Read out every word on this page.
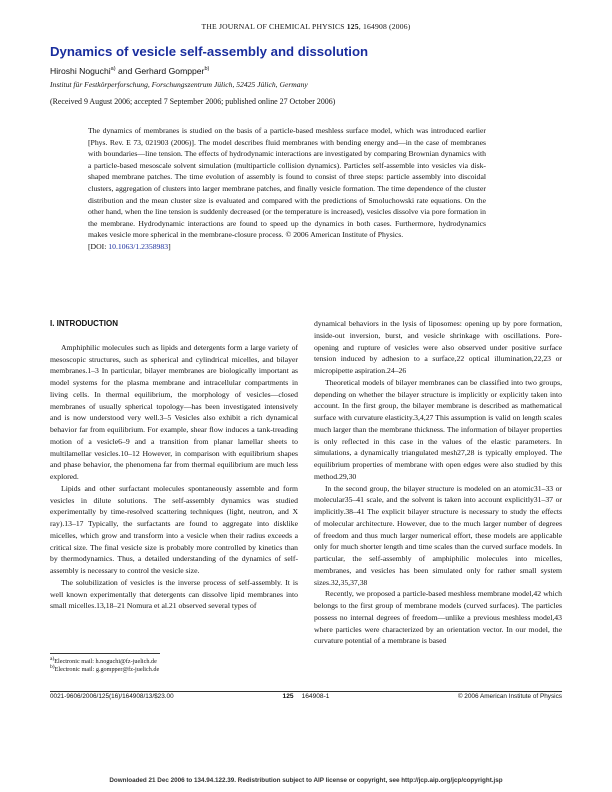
THE JOURNAL OF CHEMICAL PHYSICS 125, 164908 (2006)
Dynamics of vesicle self-assembly and dissolution
Hiroshi Noguchi$^{a)}$ and Gerhard Gompper$^{b)}$
Institut für Festkörperforschung, Forschungszentrum Jülich, 52425 Jülich, Germany
(Received 9 August 2006; accepted 7 September 2006; published online 27 October 2006)
The dynamics of membranes is studied on the basis of a particle-based meshless surface model, which was introduced earlier [Phys. Rev. E 73, 021903 (2006)]. The model describes fluid membranes with bending energy and—in the case of membranes with boundaries—line tension. The effects of hydrodynamic interactions are investigated by comparing Brownian dynamics with a particle-based mesoscale solvent simulation (multiparticle collision dynamics). Particles self-assemble into vesicles via disk-shaped membrane patches. The time evolution of assembly is found to consist of three steps: particle assembly into discoidal clusters, aggregation of clusters into larger membrane patches, and finally vesicle formation. The time dependence of the cluster distribution and the mean cluster size is evaluated and compared with the predictions of Smoluchowski rate equations. On the other hand, when the line tension is suddenly decreased (or the temperature is increased), vesicles dissolve via pore formation in the membrane. Hydrodynamic interactions are found to speed up the dynamics in both cases. Furthermore, hydrodynamics makes vesicle more spherical in the membrane-closure process. © 2006 American Institute of Physics.
[DOI: 10.1063/1.2358983]
I. INTRODUCTION

Amphiphilic molecules such as lipids and detergents form a large variety of mesoscopic structures, such as spherical and cylindrical micelles, and bilayer membranes.1–3 In particular, bilayer membranes are biologically important as model systems for the plasma membrane and intracellular compartments in living cells. In thermal equilibrium, the morphology of vesicles—closed membranes of usually spherical topology—has been investigated intensively and is now understood very well.3–5 Vesicles also exhibit a rich dynamical behavior far from equilibrium. For example, shear flow induces a tank-treading motion of a vesicle6–9 and a transition from planar lamellar sheets to multilamellar vesicles.10–12 However, in comparison with equilibrium shapes and phase behavior, the phenomena far from thermal equilibrium are much less explored.

Lipids and other surfactant molecules spontaneously assemble and form vesicles in dilute solutions. The self-assembly dynamics was studied experimentally by time-resolved scattering techniques (light, neutron, and X ray).13–17 Typically, the surfactants are found to aggregate into disklike micelles, which grow and transform into a vesicle when their radius exceeds a critical size. The final vesicle size is probably more controlled by kinetics than by thermodynamics. Thus, a detailed understanding of the dynamics of self-assembly is necessary to control the vesicle size.

The solubilization of vesicles is the inverse process of self-assembly. It is well known experimentally that detergents can dissolve lipid membranes into small micelles.13,18–21 Nomura et al.21 observed several types of

dynamical behaviors in the lysis of liposomes: opening up by pore formation, inside-out inversion, burst, and vesicle shrinkage with oscillations. Pore-opening and rupture of vesicles were also observed under positive surface tension induced by adhesion to a surface,22 optical illumination,22,23 or micropipette aspiration.24–26

Theoretical models of bilayer membranes can be classified into two groups, depending on whether the bilayer structure is implicitly or explicitly taken into account. In the first group, the bilayer membrane is described as mathematical surface with curvature elasticity.3,4,27 This assumption is valid on length scales much larger than the membrane thickness. The information of bilayer properties is only reflected in this case in the values of the elastic parameters. In simulations, a dynamically triangulated mesh27,28 is typically employed. The equilibrium properties of membrane with open edges were also studied by this method.29,30

In the second group, the bilayer structure is modeled on an atomic31–33 or molecular35–41 scale, and the solvent is taken into account explicitly31–37 or implicitly.38–41 The explicit bilayer structure is necessary to study the effects of molecular architecture. However, due to the much larger number of degrees of freedom and thus much larger numerical effort, these models are applicable only for much shorter length and time scales than the curved surface models. In particular, the self-assembly of amphiphilic molecules into micelles, membranes, and vesicles has been simulated only for rather small system sizes.32,35,37,38

Recently, we proposed a particle-based meshless membrane model,42 which belongs to the first group of membrane models (curved surfaces). The particles possess no internal degrees of freedom—unlike a previous meshless model,43 where particles were characterized by an orientation vector. In our model, the curvature potential of a membrane is based

$^{a)}$Electronic mail: h.noguchi@fz-juelich.de
$^{b)}$Electronic mail: g.gompper@fz-juelich.de
0021-9606/2006/125(16)/164908/13/$23.00	125 164908-1	© 2006 American Institute of Physics
Downloaded 21 Dec 2006 to 134.94.122.39. Redistribution subject to AIP license or copyright, see http://jcp.aip.org/jcp/copyright.jsp
